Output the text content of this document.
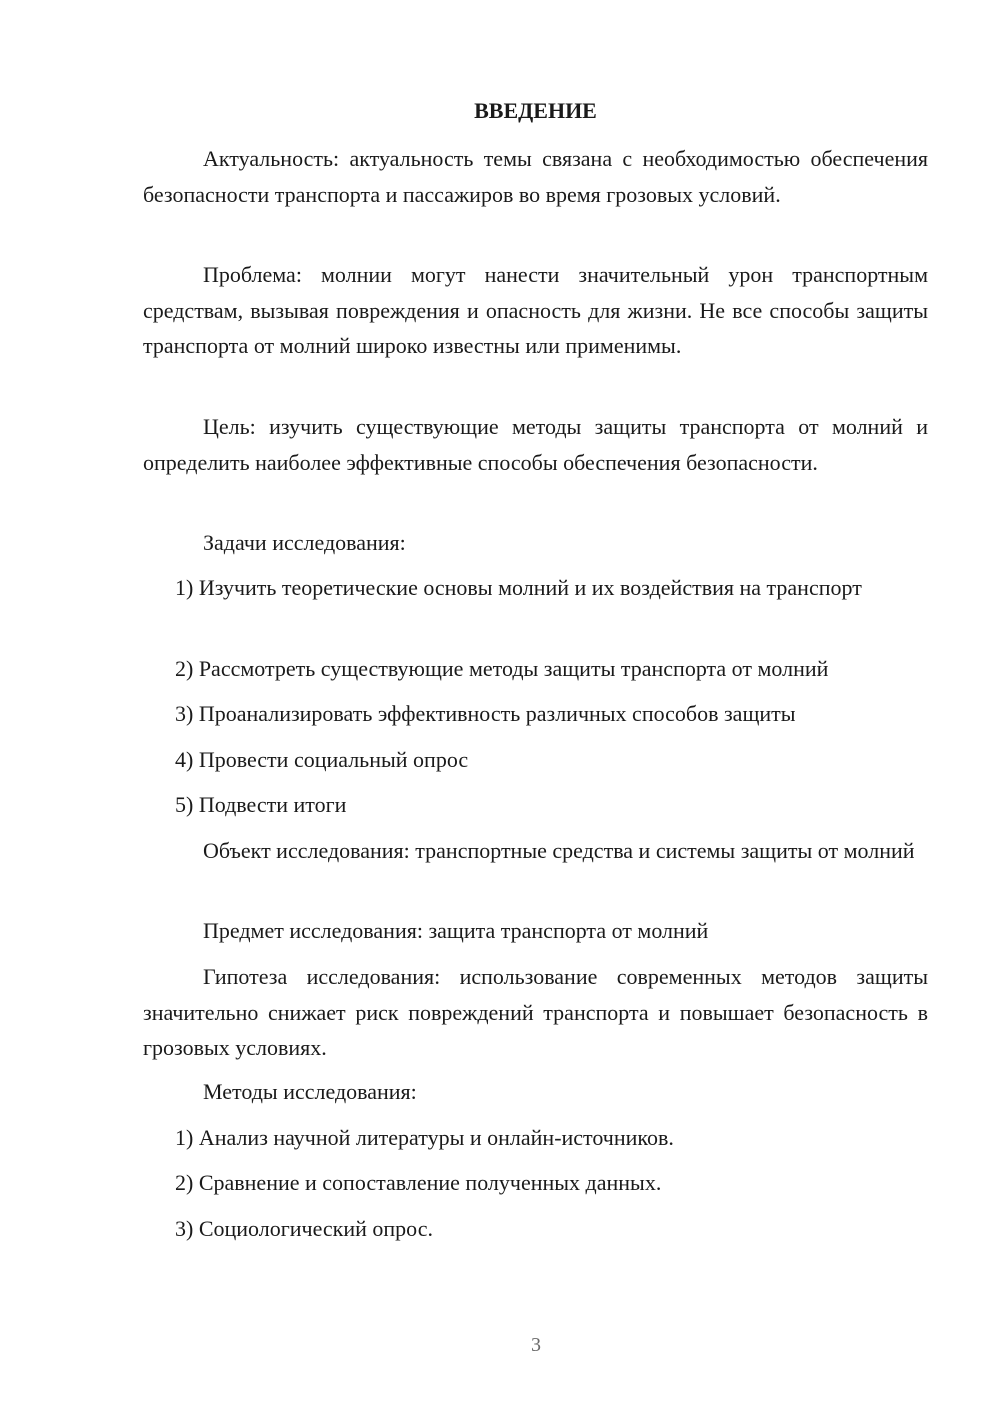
ВВЕДЕНИЕ

Актуальность: актуальность темы связана с необходимостью обеспечения безопасности транспорта и пассажиров во время грозовых условий.

Проблема: молнии могут нанести значительный урон транспортным средствам, вызывая повреждения и опасность для жизни. Не все способы защиты транспорта от молний широко известны или применимы.

Цель: изучить существующие методы защиты транспорта от молний и определить наиболее эффективные способы обеспечения безопасности.

Задачи исследования:

1) Изучить теоретические основы молний и их воздействия на транспорт

2) Рассмотреть существующие методы защиты транспорта от молний

3) Проанализировать эффективность различных способов защиты

4) Провести социальный опрос

5) Подвести итоги

Объект исследования: транспортные средства и системы защиты от молний

Предмет исследования: защита транспорта от молний

Гипотеза исследования: использование современных методов защиты значительно снижает риск повреждений транспорта и повышает безопасность в грозовых условиях.

Методы исследования:

1) Анализ научной литературы и онлайн-источников.

2) Сравнение и сопоставление полученных данных.

3) Социологический опрос.

3
